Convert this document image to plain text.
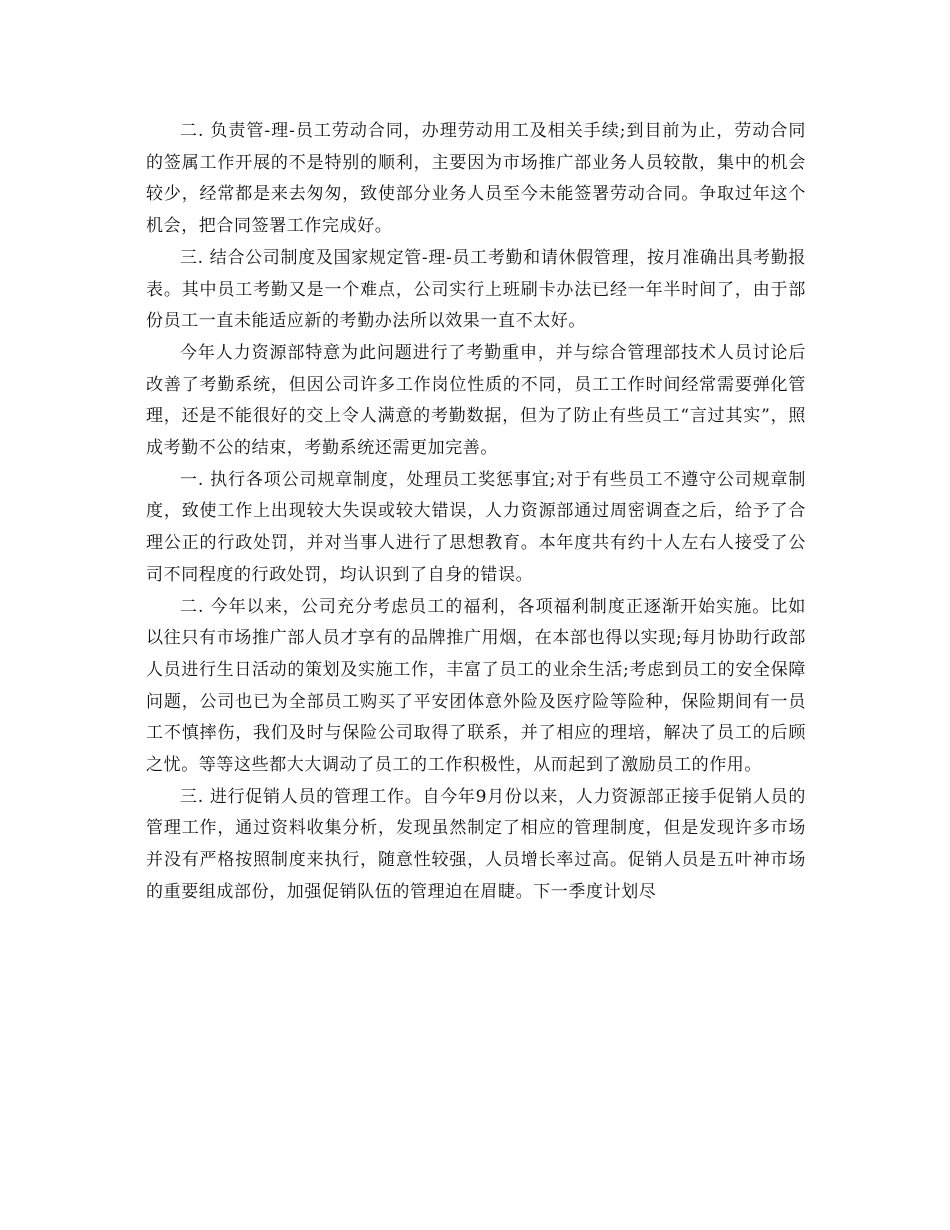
二. 负责管-理-员工劳动合同，办理劳动用工及相关手续;到目前为止，劳动合同的签属工作开展的不是特别的顺利，主要因为市场推广部业务人员较散，集中的机会较少，经常都是来去匆匆，致使部分业务人员至今未能签署劳动合同。争取过年这个机会，把合同签署工作完成好。

三. 结合公司制度及国家规定管-理-员工考勤和请休假管理，按月准确出具考勤报表。其中员工考勤又是一个难点，公司实行上班刷卡办法已经一年半时间了，由于部份员工一直未能适应新的考勤办法所以效果一直不太好。

今年人力资源部特意为此问题进行了考勤重申，并与综合管理部技术人员讨论后改善了考勤系统，但因公司许多工作岗位性质的不同，员工工作时间经常需要弹化管理，还是不能很好的交上令人满意的考勤数据，但为了防止有些员工“言过其实”，照成考勤不公的结束，考勤系统还需更加完善。

一. 执行各项公司规章制度，处理员工奖惩事宜;对于有些员工不遵守公司规章制度，致使工作上出现较大失误或较大错误，人力资源部通过周密调查之后，给予了合理公正的行政处罚，并对当事人进行了思想教育。本年度共有约十人左右人接受了公司不同程度的行政处罚，均认识到了自身的错误。

二. 今年以来，公司充分考虑员工的福利，各项福利制度正逐渐开始实施。比如以往只有市场推广部人员才享有的品牌推广用烟，在本部也得以实现;每月协助行政部人员进行生日活动的策划及实施工作，丰富了员工的业余生活;考虑到员工的安全保障问题，公司也已为全部员工购买了平安团体意外险及医疗险等险种，保险期间有一员工不慎摔伤，我们及时与保险公司取得了联系，并了相应的理培，解决了员工的后顾之忧。等等这些都大大调动了员工的工作积极性，从而起到了激励员工的作用。

三. 进行促销人员的管理工作。自今年9月份以来，人力资源部正接手促销人员的管理工作，通过资料收集分析，发现虽然制定了相应的管理制度，但是发现许多市场并没有严格按照制度来执行，随意性较强，人员增长率过高。促销人员是五叶神市场的重要组成部份，加强促销队伍的管理迫在眉睫。下一季度计划尽
